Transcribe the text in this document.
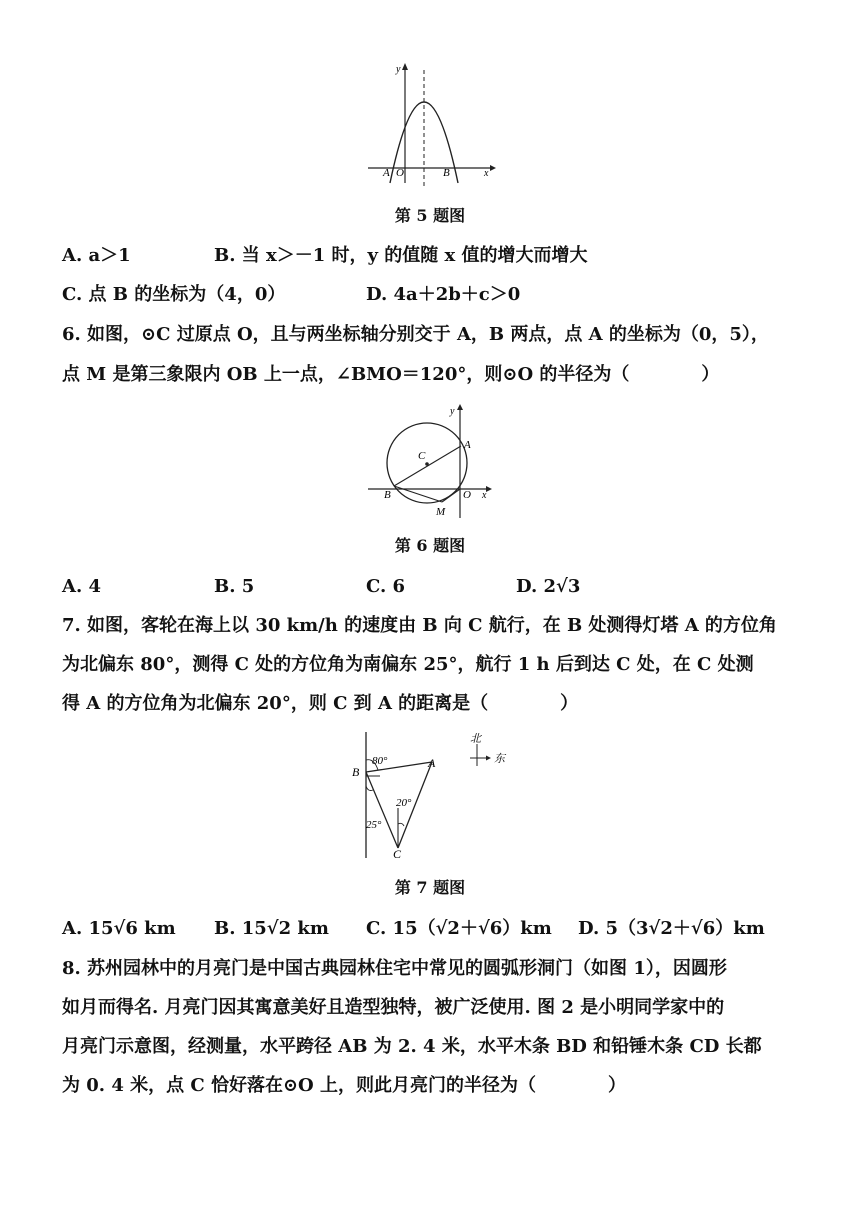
y
x
A O	B
第 5 题图
A. a＞1	B. 当 x＞－1 时，y 的值随 x 值的增大而增大
C. 点 B 的坐标为（4，0）	D. 4a＋2b＋c＞0
6. 如图，⊙C 过原点 O，且与两坐标轴分别交于 A，B 两点，点 A 的坐标为（0，5），
点 M 是第三象限内 OB 上一点，∠BMO＝120°，则⊙O 的半径为（　　　　）
y
x
A
C
B	O
M
第 6 题图
A. 4	B. 5	C. 6	D. 2√3
7. 如图，客轮在海上以 30 km/h 的速度由 B 向 C 航行，在 B 处测得灯塔 A 的方位角
为北偏东 80°，测得 C 处的方位角为南偏东 25°，航行 1 h 后到达 C 处，在 C 处测
得 A 的方位角为北偏东 20°，则 C 到 A 的距离是（　　　　）
B
A
C
80°
20°
25°
北
东
第 7 题图
A. 15√6 km B. 15√2 km C. 15（√2＋√6）km D. 5（3√2＋√6）km
8. 苏州园林中的月亮门是中国古典园林住宅中常见的圆弧形洞门（如图 1），因圆形
如月而得名. 月亮门因其寓意美好且造型独特，被广泛使用. 图 2 是小明同学家中的
月亮门示意图，经测量，水平跨径 AB 为 2. 4 米，水平木条 BD 和铅锤木条 CD 长都
为 0. 4 米，点 C 恰好落在⊙O 上，则此月亮门的半径为（　　　　）
